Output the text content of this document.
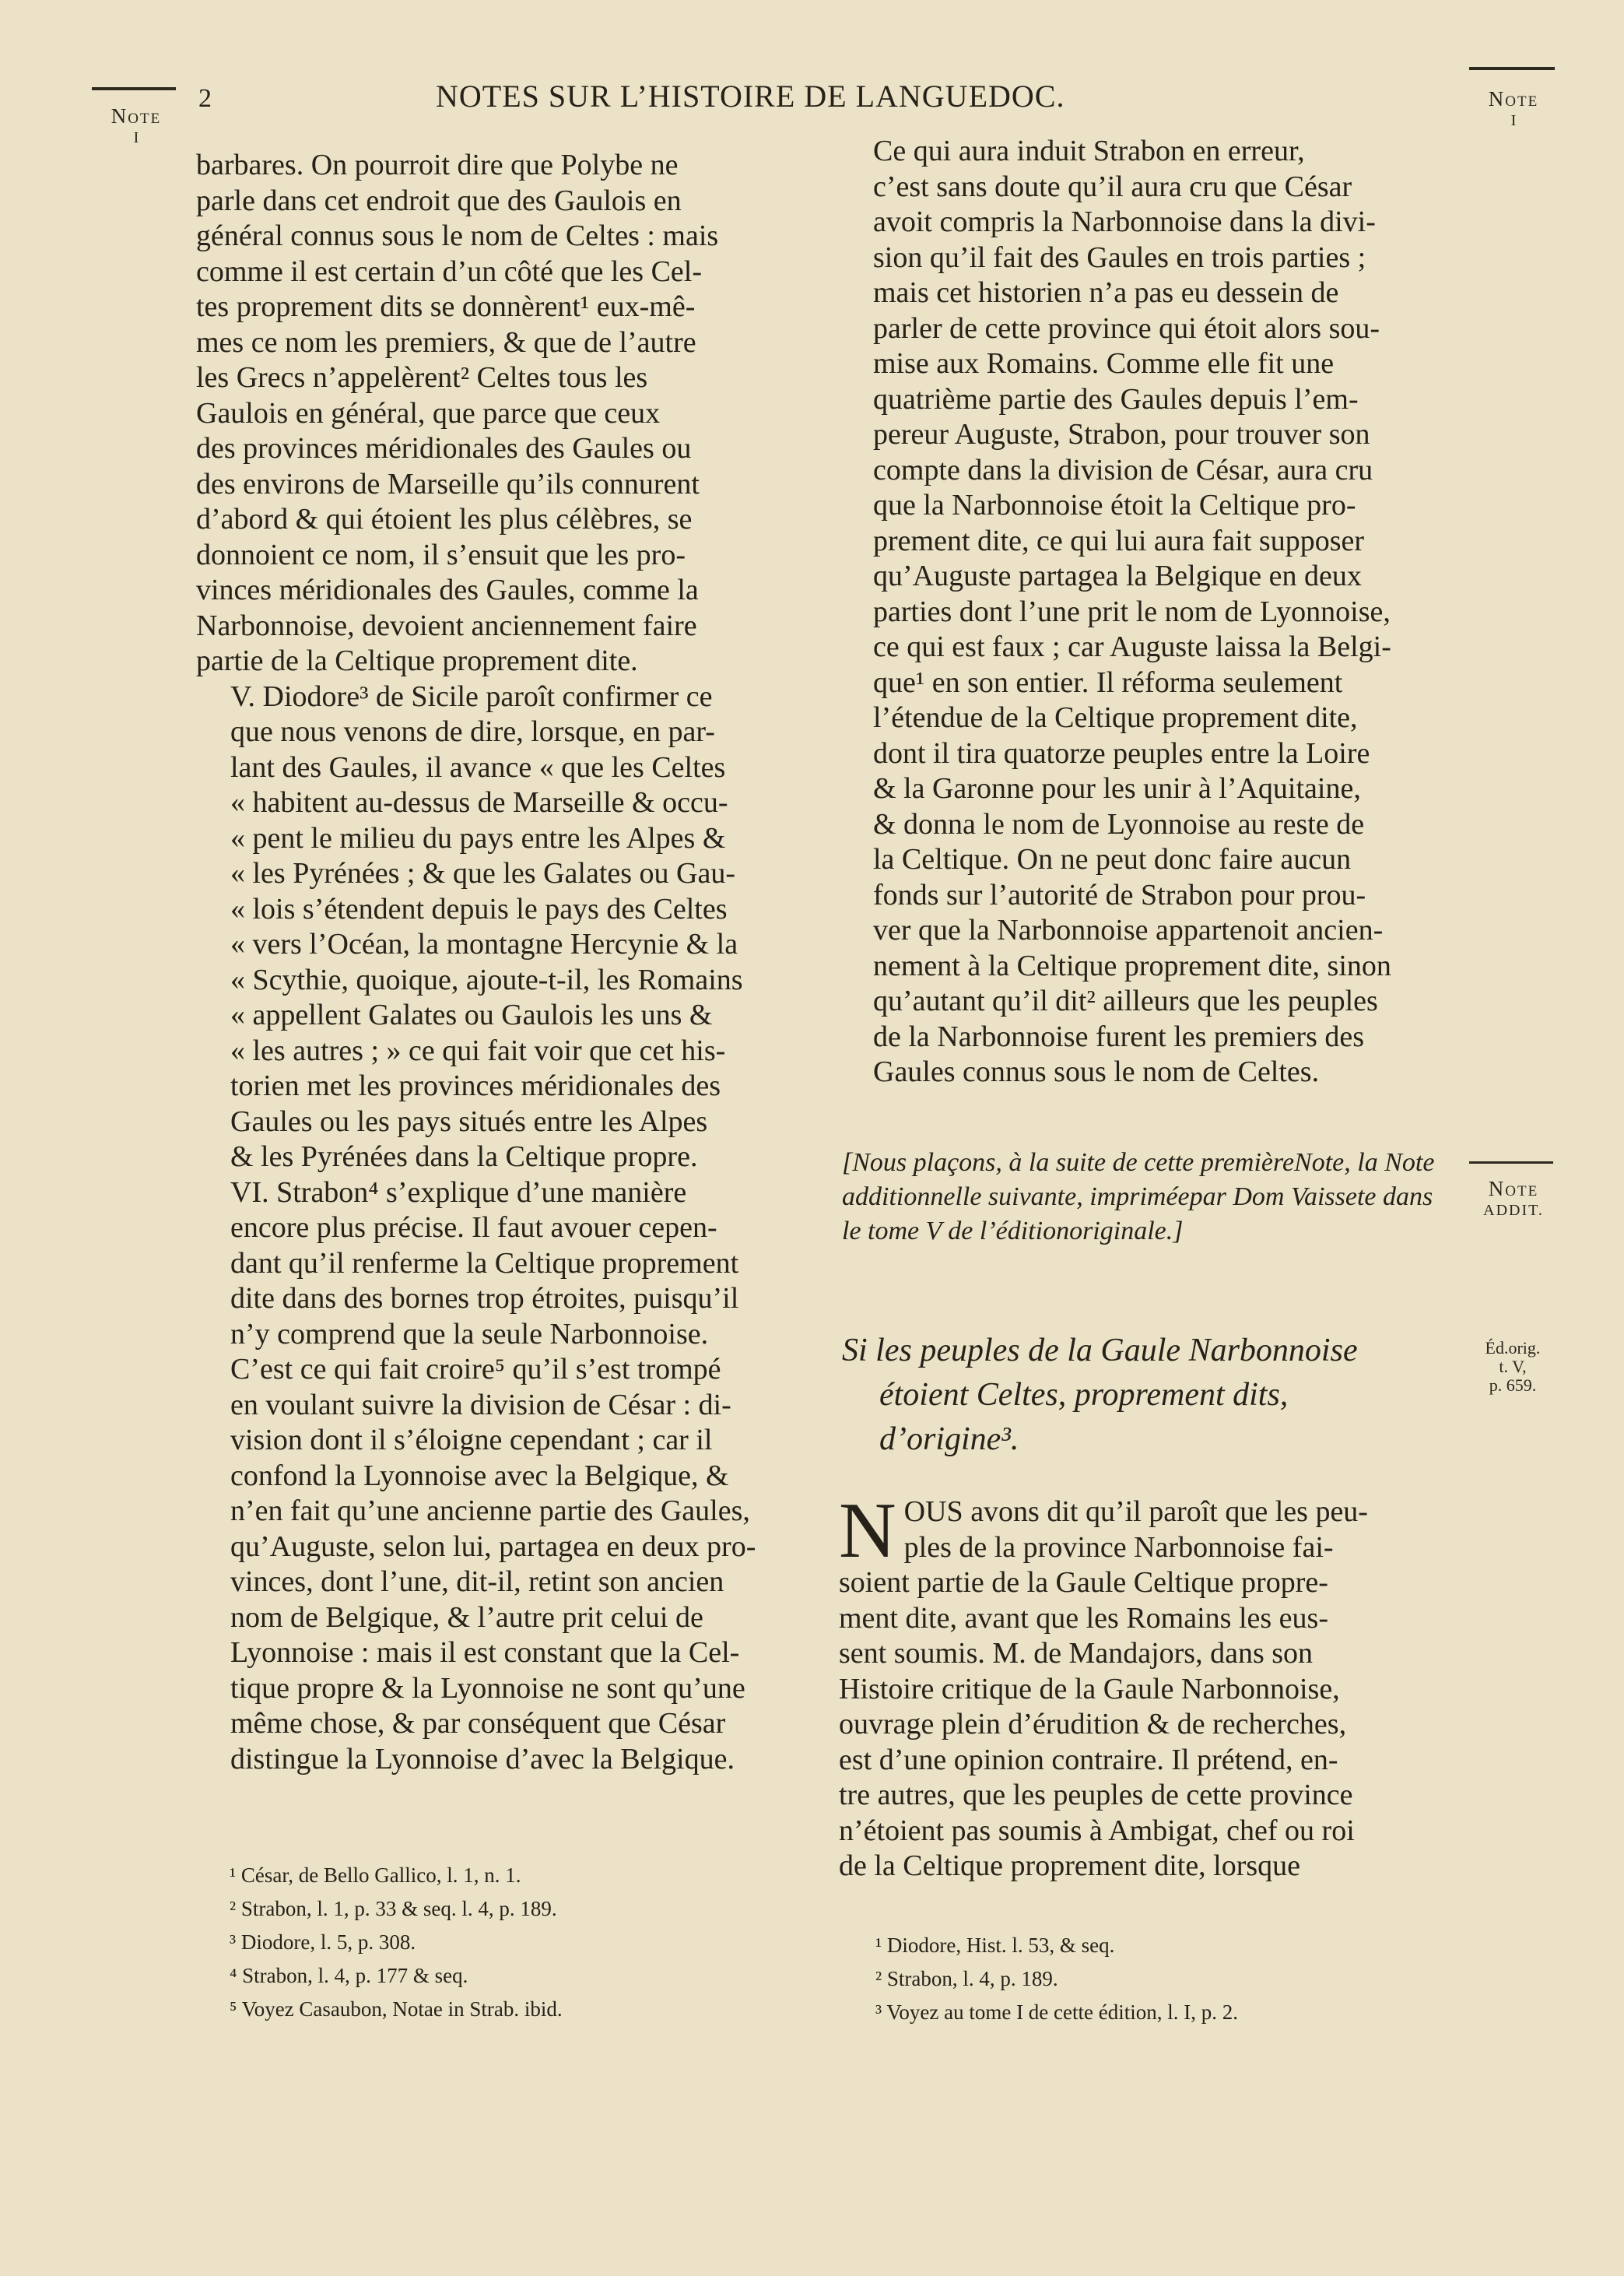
Note
I
2	NOTES SUR L’HISTOIRE DE LANGUEDOC.	Note
I

barbares. On pourroit dire que Polybe ne
parle dans cet endroit que des Gaulois en
général connus sous le nom de Celtes : mais
comme il est certain d’un côté que les Cel-
tes proprement dits se donnèrent¹ eux-mê-
mes ce nom les premiers, & que de l’autre
les Grecs n’appelèrent² Celtes tous les
Gaulois en général, que parce que ceux
des provinces méridionales des Gaules ou
des environs de Marseille qu’ils connurent
d’abord & qui étoient les plus célèbres, se
donnoient ce nom, il s’ensuit que les pro-
vinces méridionales des Gaules, comme la
Narbonnoise, devoient anciennement faire
partie de la Celtique proprement dite.

V. Diodore³ de Sicile paroît confirmer ce
que nous venons de dire, lorsque, en par-
lant des Gaules, il avance « que les Celtes
« habitent au-dessus de Marseille & occu-
« pent le milieu du pays entre les Alpes &
« les Pyrénées ; & que les Galates ou Gau-
« lois s’étendent depuis le pays des Celtes
« vers l’Océan, la montagne Hercynie & la
« Scythie, quoique, ajoute-t-il, les Romains
« appellent Galates ou Gaulois les uns &
« les autres ; » ce qui fait voir que cet his-
torien met les provinces méridionales des
Gaules ou les pays situés entre les Alpes
& les Pyrénées dans la Celtique propre.

VI. Strabon⁴ s’explique d’une manière
encore plus précise. Il faut avouer cepen-
dant qu’il renferme la Celtique proprement
dite dans des bornes trop étroites, puisqu’il
n’y comprend que la seule Narbonnoise.
C’est ce qui fait croire⁵ qu’il s’est trompé
en voulant suivre la division de César : di-
vision dont il s’éloigne cependant ; car il
confond la Lyonnoise avec la Belgique, &
n’en fait qu’une ancienne partie des Gaules,
qu’Auguste, selon lui, partagea en deux pro-
vinces, dont l’une, dit-il, retint son ancien
nom de Belgique, & l’autre prit celui de
Lyonnoise : mais il est constant que la Cel-
tique propre & la Lyonnoise ne sont qu’une
même chose, & par conséquent que César
distingue la Lyonnoise d’avec la Belgique.

¹ César, de Bello Gallico, l. 1, n. 1.
² Strabon, l. 1, p. 33 & seq. l. 4, p. 189.
³ Diodore, l. 5, p. 308.
⁴ Strabon, l. 4, p. 177 & seq.
⁵ Voyez Casaubon, Notae in Strab. ibid.

Ce qui aura induit Strabon en erreur,
c’est sans doute qu’il aura cru que César
avoit compris la Narbonnoise dans la divi-
sion qu’il fait des Gaules en trois parties ;
mais cet historien n’a pas eu dessein de
parler de cette province qui étoit alors sou-
mise aux Romains. Comme elle fit une
quatrième partie des Gaules depuis l’em-
pereur Auguste, Strabon, pour trouver son
compte dans la division de César, aura cru
que la Narbonnoise étoit la Celtique pro-
prement dite, ce qui lui aura fait supposer
qu’Auguste partagea la Belgique en deux
parties dont l’une prit le nom de Lyonnoise,
ce qui est faux ; car Auguste laissa la Belgi-
que¹ en son entier. Il réforma seulement
l’étendue de la Celtique proprement dite,
dont il tira quatorze peuples entre la Loire
& la Garonne pour les unir à l’Aquitaine,
& donna le nom de Lyonnoise au reste de
la Celtique. On ne peut donc faire aucun
fonds sur l’autorité de Strabon pour prou-
ver que la Narbonnoise appartenoit ancien-
nement à la Celtique proprement dite, sinon
qu’autant qu’il dit² ailleurs que les peuples
de la Narbonnoise furent les premiers des
Gaules connus sous le nom de Celtes.

[Nous plaçons, à la suite de cette premièreNote, la Note additionnelle suivante, impriméepar Dom Vaissete dans le tome V de l’éditionoriginale.]
Note
ADDIT.
Éd.orig.
t. V,
p. 659.
Si les peuples de la Gaule Narbonnoise
étoient Celtes, proprement dits,
d’origine³.
N OUS avons dit qu’il paroît que les peu-
ples de la province Narbonnoise fai-
soient partie de la Gaule Celtique propre-
ment dite, avant que les Romains les eus-
sent soumis. M. de Mandajors, dans son
Histoire critique de la Gaule Narbonnoise,
ouvrage plein d’érudition & de recherches,
est d’une opinion contraire. Il prétend, en-
tre autres, que les peuples de cette province
n’étoient pas soumis à Ambigat, chef ou roi
de la Celtique proprement dite, lorsque

¹ Diodore, Hist. l. 53, & seq.
² Strabon, l. 4, p. 189.
³ Voyez au tome I de cette édition, l. I, p. 2.
